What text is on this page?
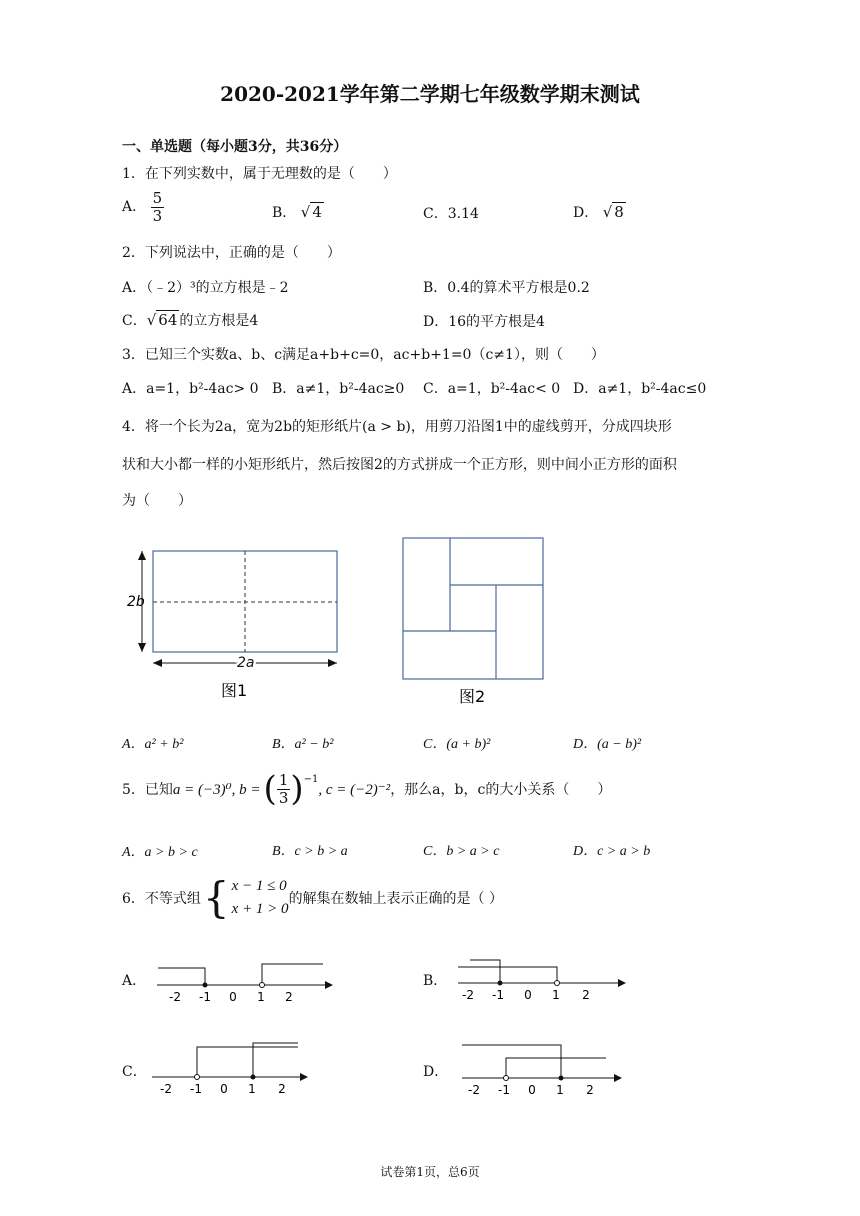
2020-2021学年第二学期七年级数学期末测试
一、单选题（每小题3分，共36分）
1．在下列实数中，属于无理数的是（　　）
A． $\frac{5}{3}$	B． √ 4	C．3.14	D． √ 8
2．下列说法中，正确的是（　　）
A．（﹣2）³的立方根是﹣2	B．0.4的算术平方根是0.2
C．√ 64 的立方根是4	D．16的平方根是4
3．已知三个实数a、b、c满足a+b+c=0，ac+b+1=0（c≠1），则（　　）
A．a=1，b²-4ac> 0 B．a≠1，b²-4ac≥0 C．a=1，b²-4ac< 0 D．a≠1，b²-4ac≤0
4．将一个长为2a，宽为2b的矩形纸片(a > b)，用剪刀沿图1中的虚线剪开，分成四块形
状和大小都一样的小矩形纸片，然后按图2的方式拼成一个正方形，则中间小正方形的面积
为（　　）
2b
2a
图1	图2
A．a² + b²	B．a² − b²	C．(a + b)²	D．(a − b)²
5．已知 a = (−3)⁰, b = ( $\frac{1}{3} )^{-1}$
, c = (−2)⁻² ，那么a，b，c的大小关系（　　）
A．a > b > c	B．c > b > a	C．b > a > c	D．c > a > b
6．不等式组 { x − 1 ≤ 0
x + 1 > 0
的解集在数轴上表示正确的是（ ）
A．	B．
C．	D．
-2 -1 0 1 2	-2 -1 0 1 2
-2 -1 0 1 2	-2 -1 0 1 2
试卷第1页，总6页
